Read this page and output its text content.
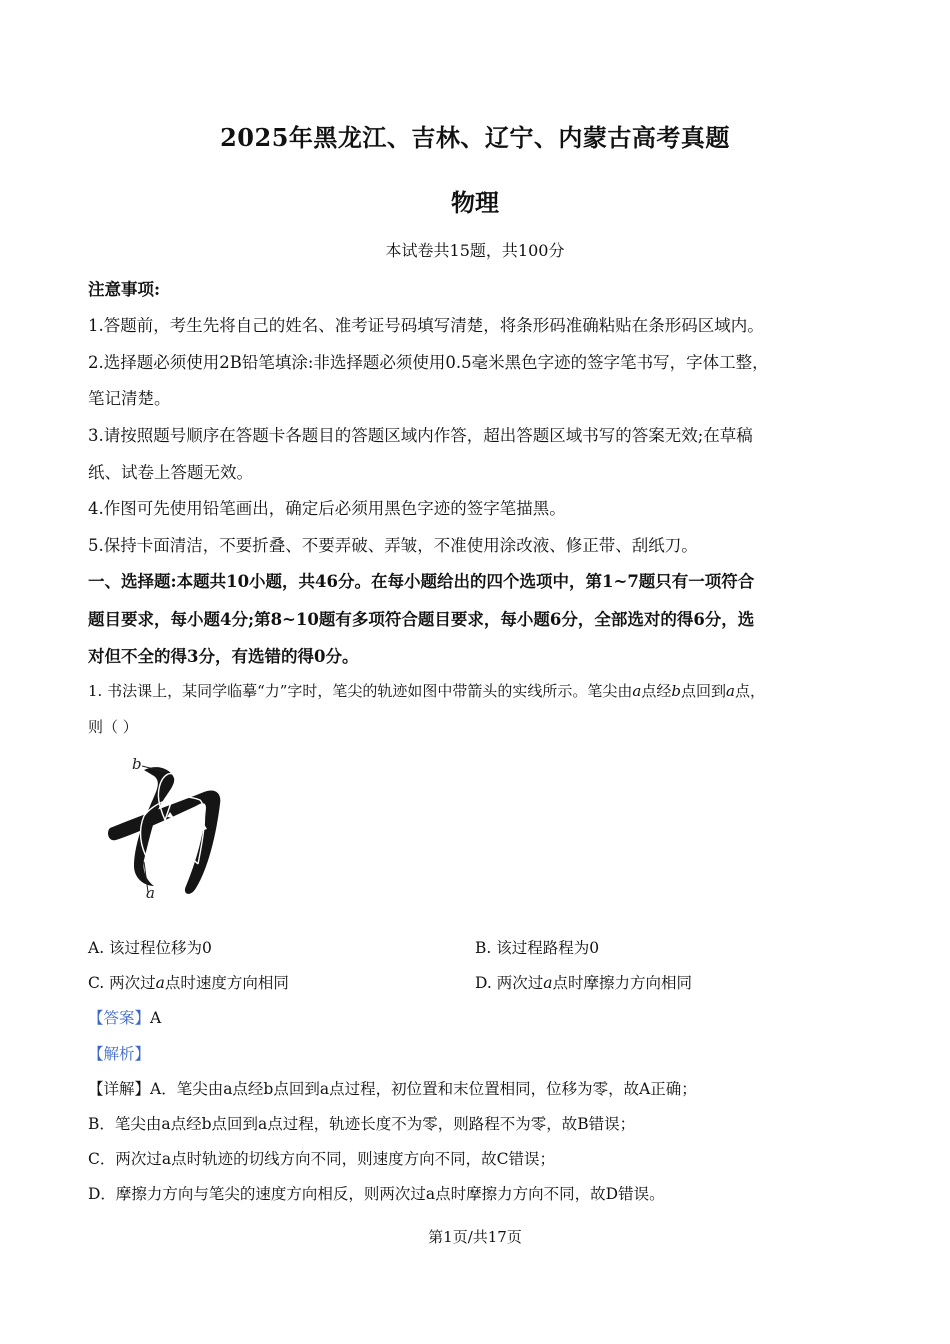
2025年黑龙江、吉林、辽宁、内蒙古高考真题
物理
本试卷共15题，共100分
注意事项:
1.答题前，考生先将自己的姓名、准考证号码填写清楚，将条形码准确粘贴在条形码区域内。
2.选择题必须使用2B铅笔填涂:非选择题必须使用0.5毫米黑色字迹的签字笔书写，字体工整，
笔记清楚。
3.请按照题号顺序在答题卡各题目的答题区域内作答，超出答题区域书写的答案无效;在草稿
纸、试卷上答题无效。
4.作图可先使用铅笔画出，确定后必须用黑色字迹的签字笔描黑。
5.保持卡面清洁，不要折叠、不要弄破、弄皱，不准使用涂改液、修正带、刮纸刀。
一、选择题:本题共10小题，共46分。在每小题给出的四个选项中，第1~7题只有一项符合
题目要求，每小题4分;第8~10题有多项符合题目要求，每小题6分，全部选对的得6分，选
对但不全的得3分，有选错的得0分。
1. 书法课上，某同学临摹“力”字时，笔尖的轨迹如图中带箭头的实线所示。笔尖由a点经b点回到a点，
则（ ）
b
a
A. 该过程位移为0	B. 该过程路程为0
C. 两次过a点时速度方向相同	D. 两次过a点时摩擦力方向相同
【答案】A
【解析】
【详解】A．笔尖由a点经b点回到a点过程，初位置和末位置相同，位移为零，故A正确；
B．笔尖由a点经b点回到a点过程，轨迹长度不为零，则路程不为零，故B错误；
C．两次过a点时轨迹的切线方向不同，则速度方向不同，故C错误；
D．摩擦力方向与笔尖的速度方向相反，则两次过a点时摩擦力方向不同，故D错误。
第1页/共17页
